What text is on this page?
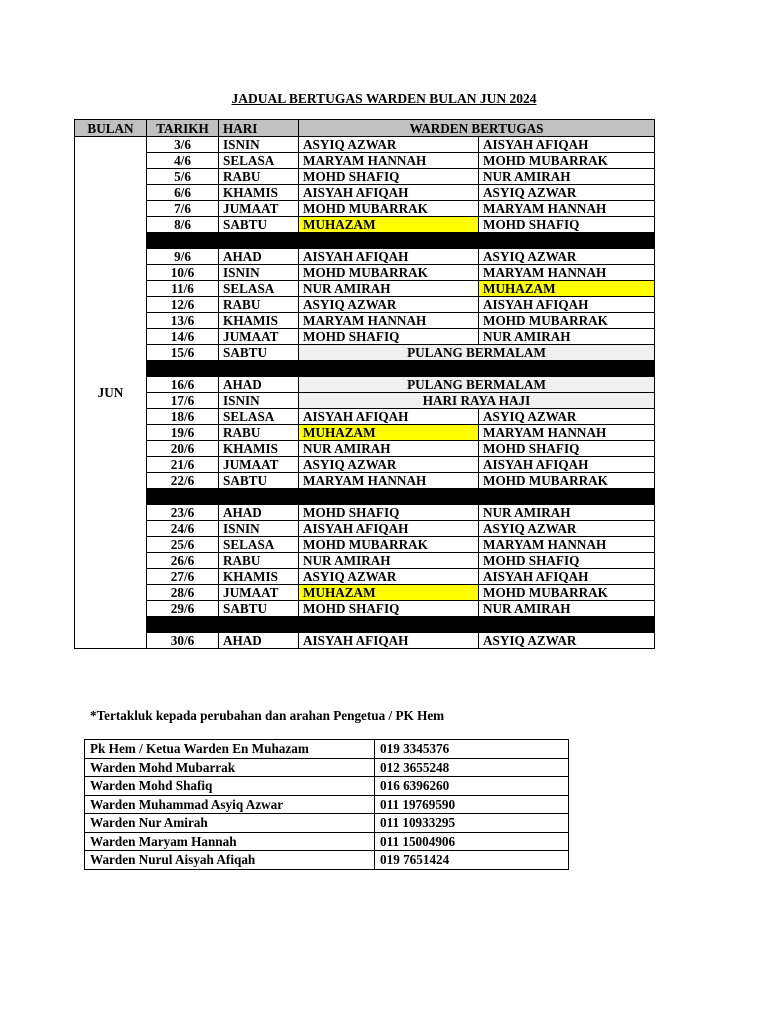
JADUAL BERTUGAS WARDEN BULAN JUN 2024
BULAN	TARIKH	HARI	WARDEN BERTUGAS	
JUN	3/6	ISNIN	ASYIQ AZWAR	AISYAH AFIQAH
	4/6	SELASA	MARYAM HANNAH	MOHD MUBARRAK
	5/6	RABU	MOHD SHAFIQ	NUR AMIRAH
	6/6	KHAMIS	AISYAH AFIQAH	ASYIQ AZWAR
	7/6	JUMAAT	MOHD MUBARRAK	MARYAM HANNAH
	8/6	SABTU	MUHAZAM	MOHD SHAFIQ

	9/6	AHAD	AISYAH AFIQAH	ASYIQ AZWAR
	10/6	ISNIN	MOHD MUBARRAK	MARYAM HANNAH
	11/6	SELASA	NUR AMIRAH	MUHAZAM
	12/6	RABU	ASYIQ AZWAR	AISYAH AFIQAH
	13/6	KHAMIS	MARYAM HANNAH	MOHD MUBARRAK
	14/6	JUMAAT	MOHD SHAFIQ	NUR AMIRAH
	15/6	SABTU	PULANG BERMALAM	

	16/6	AHAD	PULANG BERMALAM	
	17/6	ISNIN	HARI RAYA HAJI	
	18/6	SELASA	AISYAH AFIQAH	ASYIQ AZWAR
	19/6	RABU	MUHAZAM	MARYAM HANNAH
	20/6	KHAMIS	NUR AMIRAH	MOHD SHAFIQ
	21/6	JUMAAT	ASYIQ AZWAR	AISYAH AFIQAH
	22/6	SABTU	MARYAM HANNAH	MOHD MUBARRAK

	23/6	AHAD	MOHD SHAFIQ	NUR AMIRAH
	24/6	ISNIN	AISYAH AFIQAH	ASYIQ AZWAR
	25/6	SELASA	MOHD MUBARRAK	MARYAM HANNAH
	26/6	RABU	NUR AMIRAH	MOHD SHAFIQ
	27/6	KHAMIS	ASYIQ AZWAR	AISYAH AFIQAH
	28/6	JUMAAT	MUHAZAM	MOHD MUBARRAK
	29/6	SABTU	MOHD SHAFIQ	NUR AMIRAH

	30/6	AHAD	AISYAH AFIQAH	ASYIQ AZWAR
*Tertakluk kepada perubahan dan arahan Pengetua / PK Hem
Pk Hem / Ketua Warden En Muhazam	019 3345376
Warden Mohd Mubarrak	012 3655248
Warden Mohd Shafiq	016 6396260
Warden Muhammad Asyiq Azwar	011 19769590
Warden Nur Amirah	011 10933295
Warden Maryam Hannah	011 15004906
Warden Nurul Aisyah Afiqah	019 7651424
